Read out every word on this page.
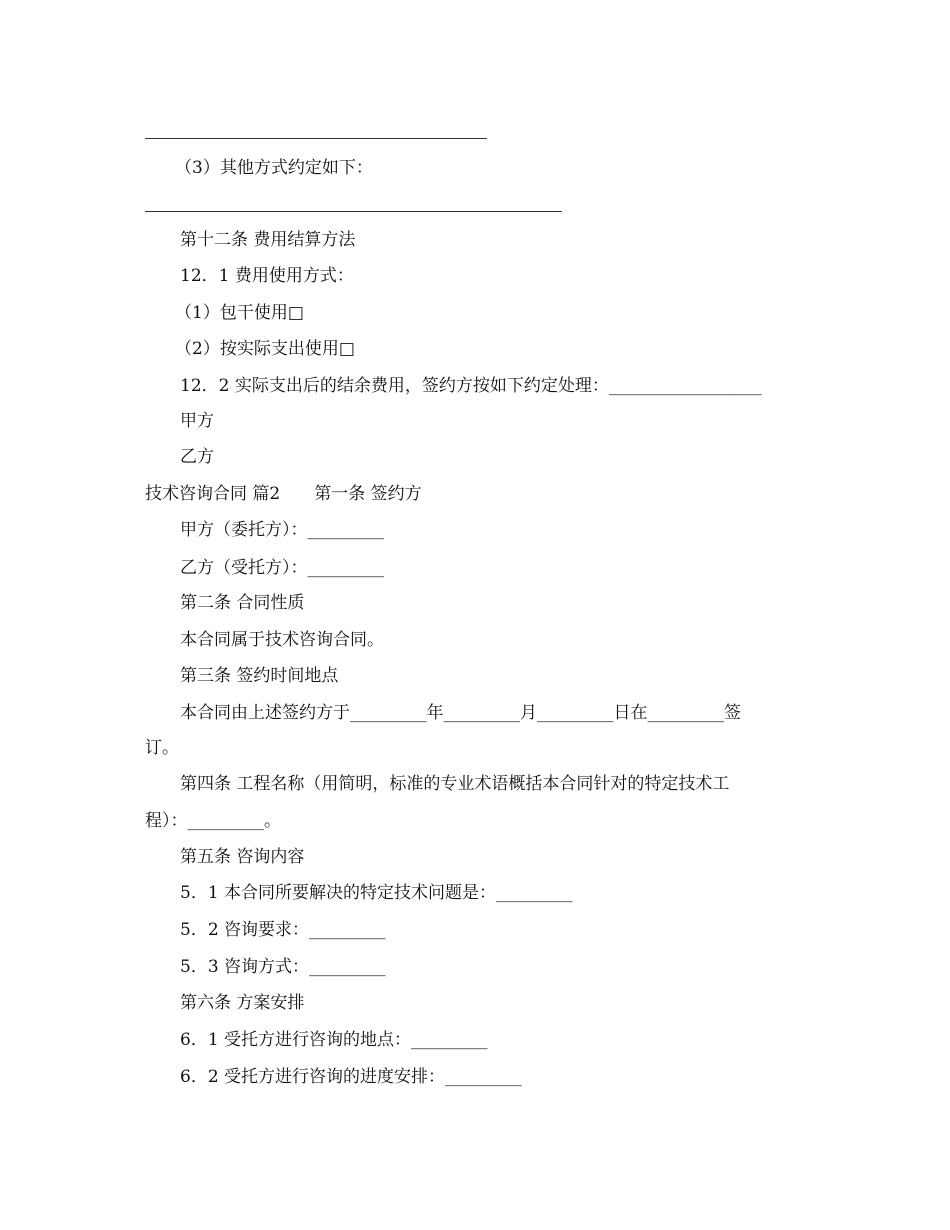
（3）其他方式约定如下：
第十二条 费用结算方法
12．1 费用使用方式：
（1）包干使用□
（2）按实际支出使用□
12．2 实际支出后的结余费用，签约方按如下约定处理：__________________
甲方
乙方
技术咨询合同 篇2　　第一条 签约方
甲方（委托方）：_________
乙方（受托方）：_________
第二条 合同性质
本合同属于技术咨询合同。
第三条 签约时间地点
本合同由上述签约方于_________年_________月_________日在_________签
订。
第四条 工程名称（用简明，标准的专业术语概括本合同针对的特定技术工
程）：_________。
第五条 咨询内容
5．1 本合同所要解决的特定技术问题是：_________
5．2 咨询要求：_________
5．3 咨询方式：_________
第六条 方案安排
6．1 受托方进行咨询的地点：_________
6．2 受托方进行咨询的进度安排：_________
